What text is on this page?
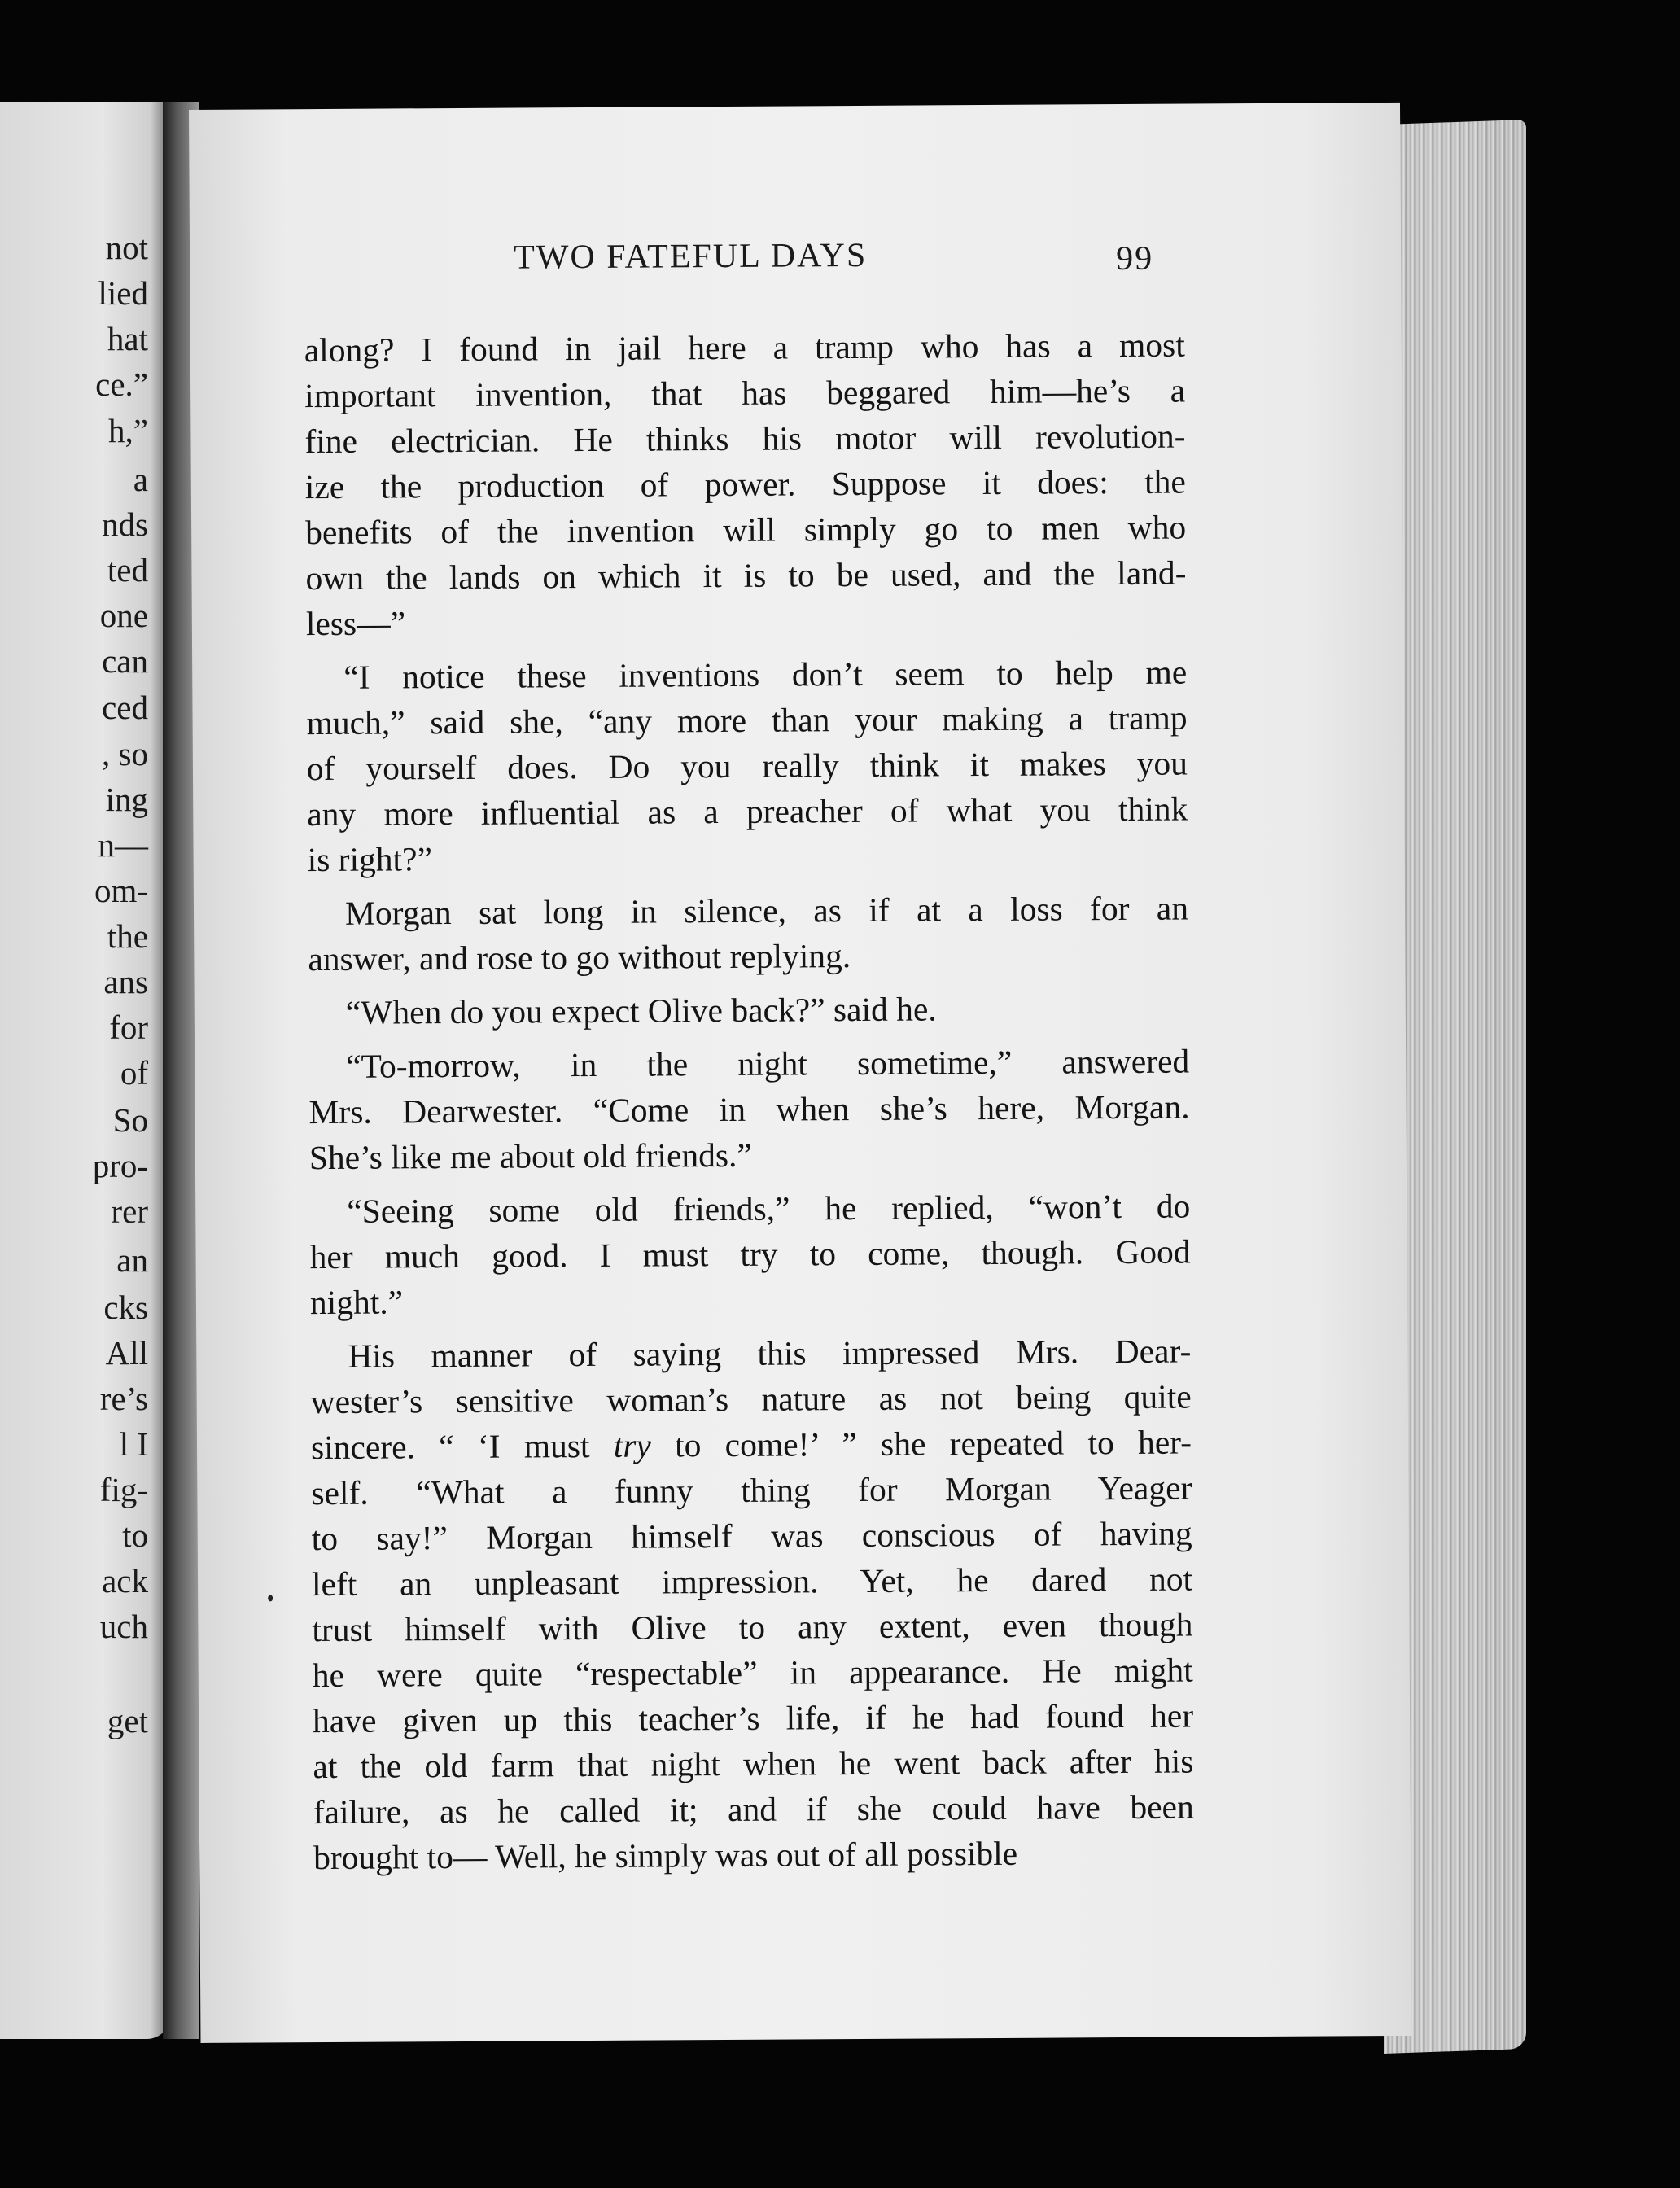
not
lied
hat
ce.”
h,”
a
nds
ted
one
can
ced
, so
ing
n—
om-
the
ans
for
of
So
pro-
rer
an
cks
All
re’s
l I
fig-
to
ack
uch
get
TWO FATEFUL DAYS	99
along? I found in jail here a tramp who has a most
important invention, that has beggared him—he’s a
fine electrician. He thinks his motor will revolution-
ize the production of power. Suppose it does: the
benefits of the invention will simply go to men who
own the lands on which it is to be used, and the land-
less—”
“I notice these inventions don’t seem to help me
much,” said she, “any more than your making a tramp
of yourself does. Do you really think it makes you
any more influential as a preacher of what you think
is right?”
Morgan sat long in silence, as if at a loss for an
answer, and rose to go without replying.
“When do you expect Olive back?” said he.
“To-morrow, in the night sometime,” answered
Mrs. Dearwester. “Come in when she’s here, Morgan.
She’s like me about old friends.”
“Seeing some old friends,” he replied, “won’t do
her much good. I must try to come, though. Good
night.”
His manner of saying this impressed Mrs. Dear-
wester’s sensitive woman’s nature as not being quite
sincere. “ ‘I must try to come!’ ” she repeated to her-
self. “What a funny thing for Morgan Yeager
to say!” Morgan himself was conscious of having
left an unpleasant impression. Yet, he dared not
trust himself with Olive to any extent, even though
he were quite “respectable” in appearance. He might
have given up this teacher’s life, if he had found her
at the old farm that night when he went back after his
failure, as he called it; and if she could have been
brought to— Well, he simply was out of all possible
